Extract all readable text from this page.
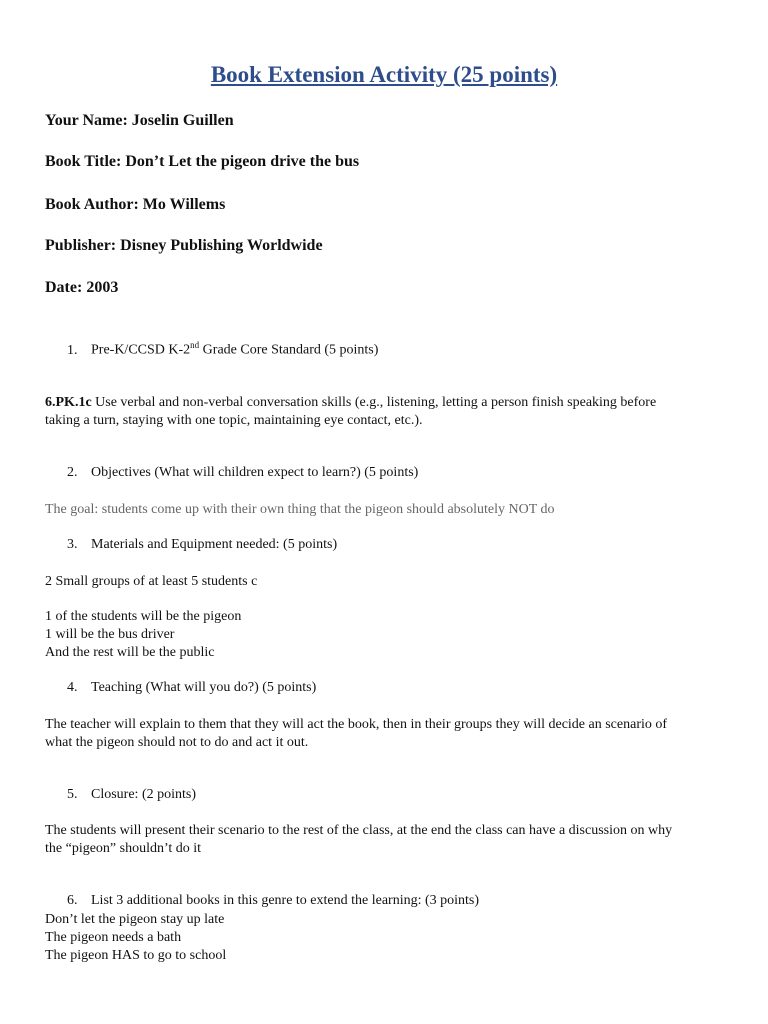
Book Extension Activity (25 points)
Your Name: Joselin Guillen
Book Title: Don’t Let the pigeon drive the bus
Book Author: Mo Willems
Publisher: Disney Publishing Worldwide
Date: 2003
1. Pre-K/CCSD K-2nd Grade Core Standard (5 points)
6.PK.1c Use verbal and non-verbal conversation skills (e.g., listening, letting a person finish speaking before
taking a turn, staying with one topic, maintaining eye contact, etc.).
2. Objectives (What will children expect to learn?) (5 points)
The goal: students come up with their own thing that the pigeon should absolutely NOT do
3. Materials and Equipment needed: (5 points)
2 Small groups of at least 5 students c
1 of the students will be the pigeon
1 will be the bus driver
And the rest will be the public
4. Teaching (What will you do?) (5 points)
The teacher will explain to them that they will act the book, then in their groups they will decide an scenario of
what the pigeon should not to do and act it out.
5. Closure: (2 points)
The students will present their scenario to the rest of the class, at the end the class can have a discussion on why
the “pigeon” shouldn’t do it
6. List 3 additional books in this genre to extend the learning: (3 points)
Don’t let the pigeon stay up late
The pigeon needs a bath
The pigeon HAS to go to school
